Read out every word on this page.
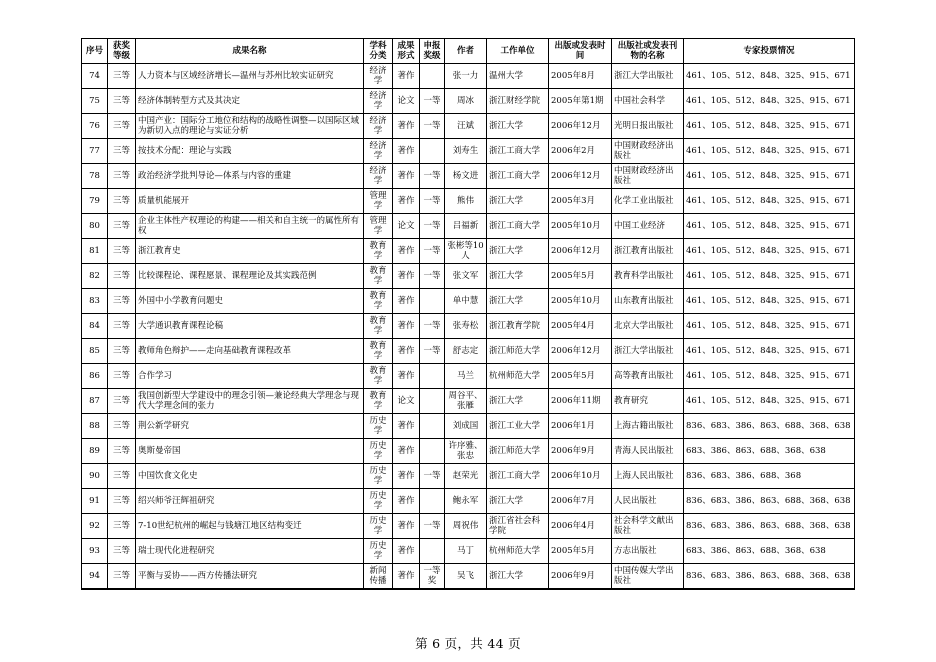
序号	获奖等级	成果名称	学科分类	成果形式	申报奖级	作者	工作单位	出版或发表时间	出版社或发表刊物的名称	专家投票情况
74	三等	人力资本与区域经济增长—温州与苏州比较实证研究	经济学	著作		张一力	温州大学	2005年8月	浙江大学出版社	461、105、512、848、325、915、671
75	三等	经济体制转型方式及其决定	经济学	论文	一等	周冰	浙江财经学院	2005年第1期	中国社会科学	461、105、512、848、325、915、671
76	三等	中国产业：国际分工地位和结构的战略性调整—以国际区域为新切入点的理论与实证分析	经济学	著作	一等	汪斌	浙江大学	2006年12月	光明日报出版社	461、105、512、848、325、915、671
77	三等	按技术分配：理论与实践	经济学	著作		刘寿生	浙江工商大学	2006年2月	中国财政经济出版社	461、105、512、848、325、915、671
78	三等	政治经济学批判导论—体系与内容的重建	经济学	著作	一等	杨文进	浙江工商大学	2006年12月	中国财政经济出版社	461、105、512、848、325、915、671
79	三等	质量机能展开	管理学	著作	一等	熊伟	浙江大学	2005年3月	化学工业出版社	461、105、512、848、325、915、671
80	三等	企业主体性产权理论的构建——相关和自主统一的属性所有权	管理学	论文	一等	吕福新	浙江工商大学	2005年10月	中国工业经济	461、105、512、848、325、915、671
81	三等	浙江教育史	教育学	著作	一等	张彬等10人	浙江大学	2006年12月	浙江教育出版社	461、105、512、848、325、915、671
82	三等	比较课程论、课程愿景、课程理论及其实践范例	教育学	著作	一等	张文军	浙江大学	2005年5月	教育科学出版社	461、105、512、848、325、915、671
83	三等	外国中小学教育问题史	教育学	著作		单中慧	浙江大学	2005年10月	山东教育出版社	461、105、512、848、325、915、671
84	三等	大学通识教育课程论稿	教育学	著作	一等	张寿松	浙江教育学院	2005年4月	北京大学出版社	461、105、512、848、325、915、671
85	三等	教师角色辩护——走向基础教育课程改革	教育学	著作	一等	舒志定	浙江师范大学	2006年12月	浙江大学出版社	461、105、512、848、325、915、671
86	三等	合作学习	教育学	著作		马兰	杭州师范大学	2005年5月	高等教育出版社	461、105、512、848、325、915、671
87	三等	我国创新型大学建设中的理念引领—兼论经典大学理念与现代大学理念间的张力	教育学	论文		周谷平、张雁	浙江大学	2006年11期	教育研究	461、105、512、848、325、915、671
88	三等	荆公新学研究	历史学	著作		刘成国	浙江工业大学	2006年1月	上海古籍出版社	836、683、386、863、688、368、638
89	三等	奥斯曼帝国	历史学	著作		许序雅、张忠	浙江师范大学	2006年9月	青海人民出版社	683、386、863、688、368、638
90	三等	中国饮食文化史	历史学	著作	一等	赵荣光	浙江工商大学	2006年10月	上海人民出版社	836、683、386、688、368
91	三等	绍兴师爷汪辉祖研究	历史学	著作		鲍永军	浙江大学	2006年7月	人民出版社	836、683、386、863、688、368、638
92	三等	7-10世纪杭州的崛起与钱塘江地区结构变迁	历史学	著作	一等	周祝伟	浙江省社会科学院	2006年4月	社会科学文献出版社	836、683、386、863、688、368、638
93	三等	瑞士现代化进程研究	历史学	著作		马丁	杭州师范大学	2005年5月	方志出版社	683、386、863、688、368、638
94	三等	平衡与妥协——西方传播法研究	新闻传播	著作	一等奖	吴飞	浙江大学	2006年9月	中国传媒大学出版社	836、683、386、863、688、368、638
第 6 页，共 44 页
